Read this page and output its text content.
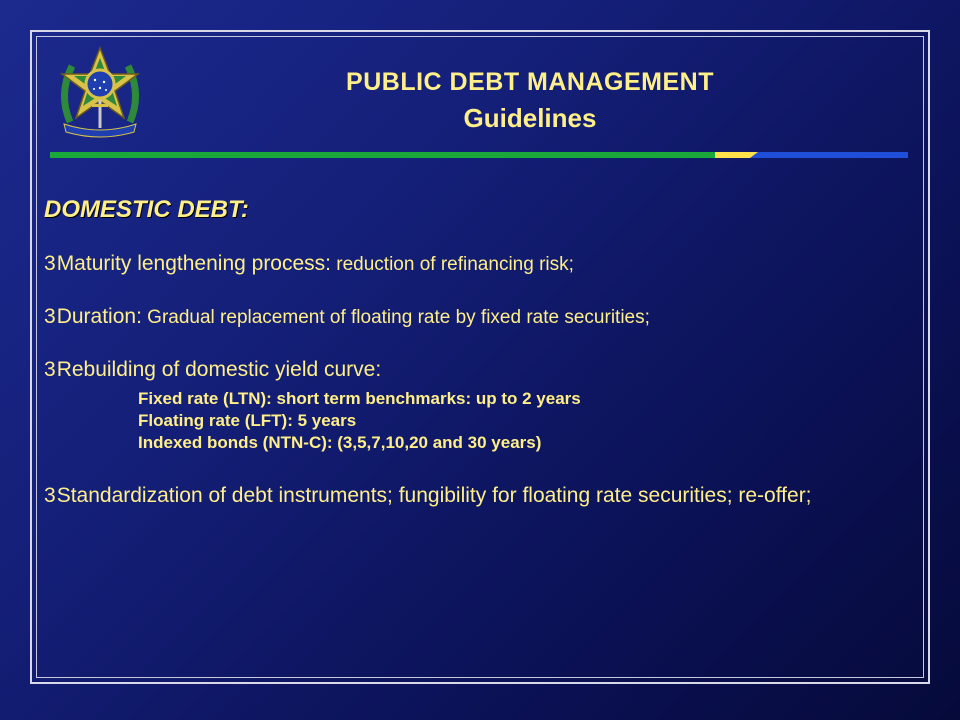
PUBLIC DEBT MANAGEMENT
Guidelines
DOMESTIC DEBT:
3Maturity lengthening process: reduction of refinancing risk;
3Duration: Gradual replacement of floating rate by fixed rate securities;
3Rebuilding of domestic yield curve:
Fixed rate (LTN): short term benchmarks: up to 2 years
Floating rate (LFT): 5 years
Indexed bonds (NTN-C): (3,5,7,10,20 and 30 years)
3Standardization of debt instruments; fungibility for floating rate securities; re-offer;
